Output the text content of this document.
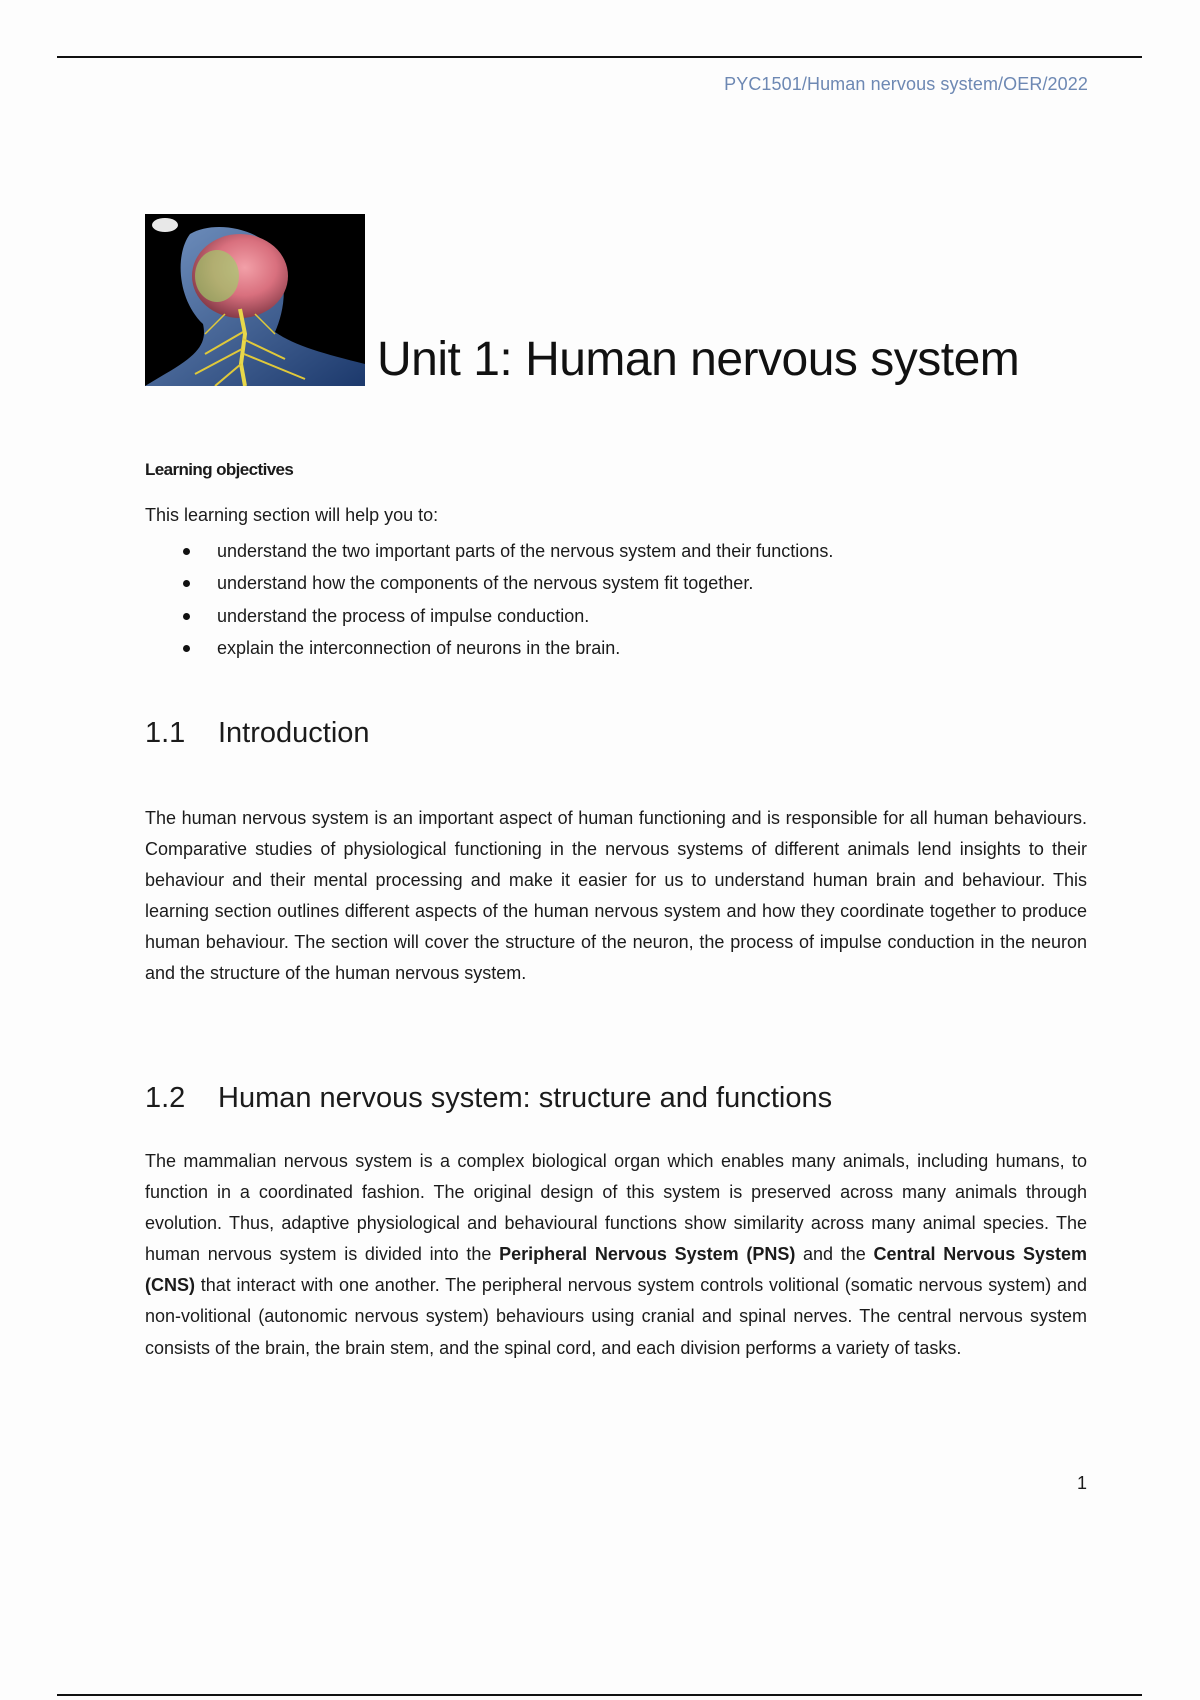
PYC1501/Human nervous system/OER/2022
Unit 1: Human nervous system
Learning objectives

This learning section will help you to:

understand the two important parts of the nervous system and their functions.
understand how the components of the nervous system fit together.
understand the process of impulse conduction.
explain the interconnection of neurons in the brain.
1.1 Introduction

The human nervous system is an important aspect of human functioning and is responsible for all human behaviours. Comparative studies of physiological functioning in the nervous systems of different animals lend insights to their behaviour and their mental processing and make it easier for us to understand human brain and behaviour. This learning section outlines different aspects of the human nervous system and how they coordinate together to produce human behaviour. The section will cover the structure of the neuron, the process of impulse conduction in the neuron and the structure of the human nervous system.

1.2 Human nervous system: structure and functions

The mammalian nervous system is a complex biological organ which enables many animals, including humans, to function in a coordinated fashion. The original design of this system is preserved across many animals through evolution. Thus, adaptive physiological and behavioural functions show similarity across many animal species. The human nervous system is divided into the Peripheral Nervous System (PNS) and the Central Nervous System (CNS) that interact with one another. The peripheral nervous system controls volitional (somatic nervous system) and non-volitional (autonomic nervous system) behaviours using cranial and spinal nerves. The central nervous system consists of the brain, the brain stem, and the spinal cord, and each division performs a variety of tasks.

1
